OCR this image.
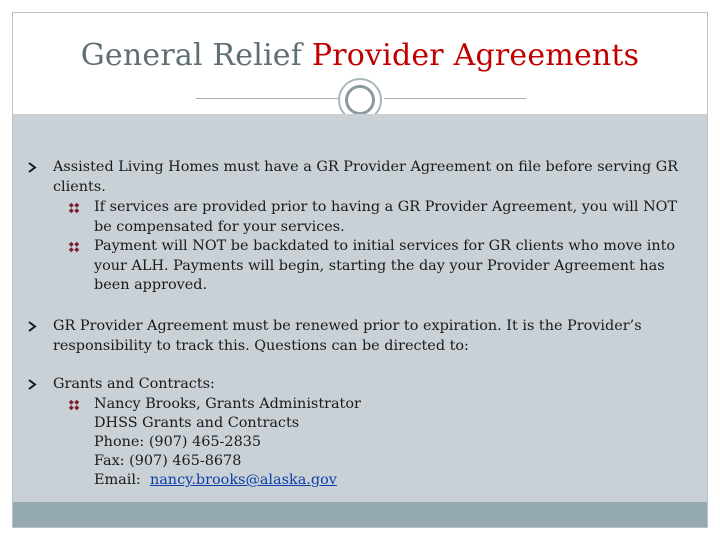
General Relief Provider Agreements
Assisted Living Homes must have a GR Provider Agreement on file before serving GR clients.
If services are provided prior to having a GR Provider Agreement, you will NOT be compensated for your services.
Payment will NOT be backdated to initial services for GR clients who move into your ALH. Payments will begin, starting the day your Provider Agreement has been approved.
GR Provider Agreement must be renewed prior to expiration. It is the Provider’s responsibility to track this. Questions can be directed to:
Grants and Contracts:
Nancy Brooks, Grants Administrator
DHSS Grants and Contracts
Phone: (907) 465-2835
Fax: (907) 465-8678
Email: nancy.brooks@alaska.gov
